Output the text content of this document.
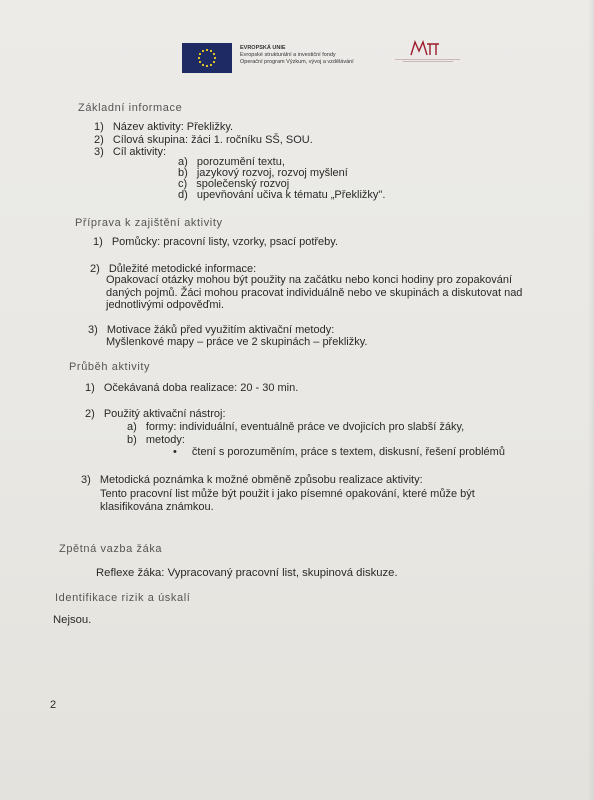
EVROPSKÁ UNIE
Evropské strukturální a investiční fondy
Operační program Výzkum, vývoj a vzdělávání
Základní informace
1) Název aktivity: Překližky.
2) Cílová skupina: žáci 1. ročníku SŠ, SOU.
3) Cíl aktivity:
a) porozumění textu,
b) jazykový rozvoj, rozvoj myšlení
c) společenský rozvoj
d) upevňování učiva k tématu „Překližky".
Příprava k zajištění aktivity
1) Pomůcky: pracovní listy, vzorky, psací potřeby.
2) Důležité metodické informace:
Opakovací otázky mohou být použity na začátku nebo konci hodiny pro zopakování
daných pojmů. Žáci mohou pracovat individuálně nebo ve skupinách a diskutovat nad
jednotlivými odpověďmi.
3) Motivace žáků před využitím aktivační metody:
Myšlenkové mapy – práce ve 2 skupinách – překližky.
Průběh aktivity
1) Očekávaná doba realizace: 20 - 30 min.
2) Použitý aktivační nástroj:
a) formy: individuální, eventuálně práce ve dvojicích pro slabší žáky,
b) metody:
• čtení s porozuměním, práce s textem, diskusní, řešení problémů
3) Metodická poznámka k možné obměně způsobu realizace aktivity:
Tento pracovní list může být použit i jako písemné opakování, které může být
klasifikována známkou.
Zpětná vazba žáka
Reflexe žáka: Vypracovaný pracovní list, skupinová diskuze.
Identifikace rizik a úskalí
Nejsou.
2
